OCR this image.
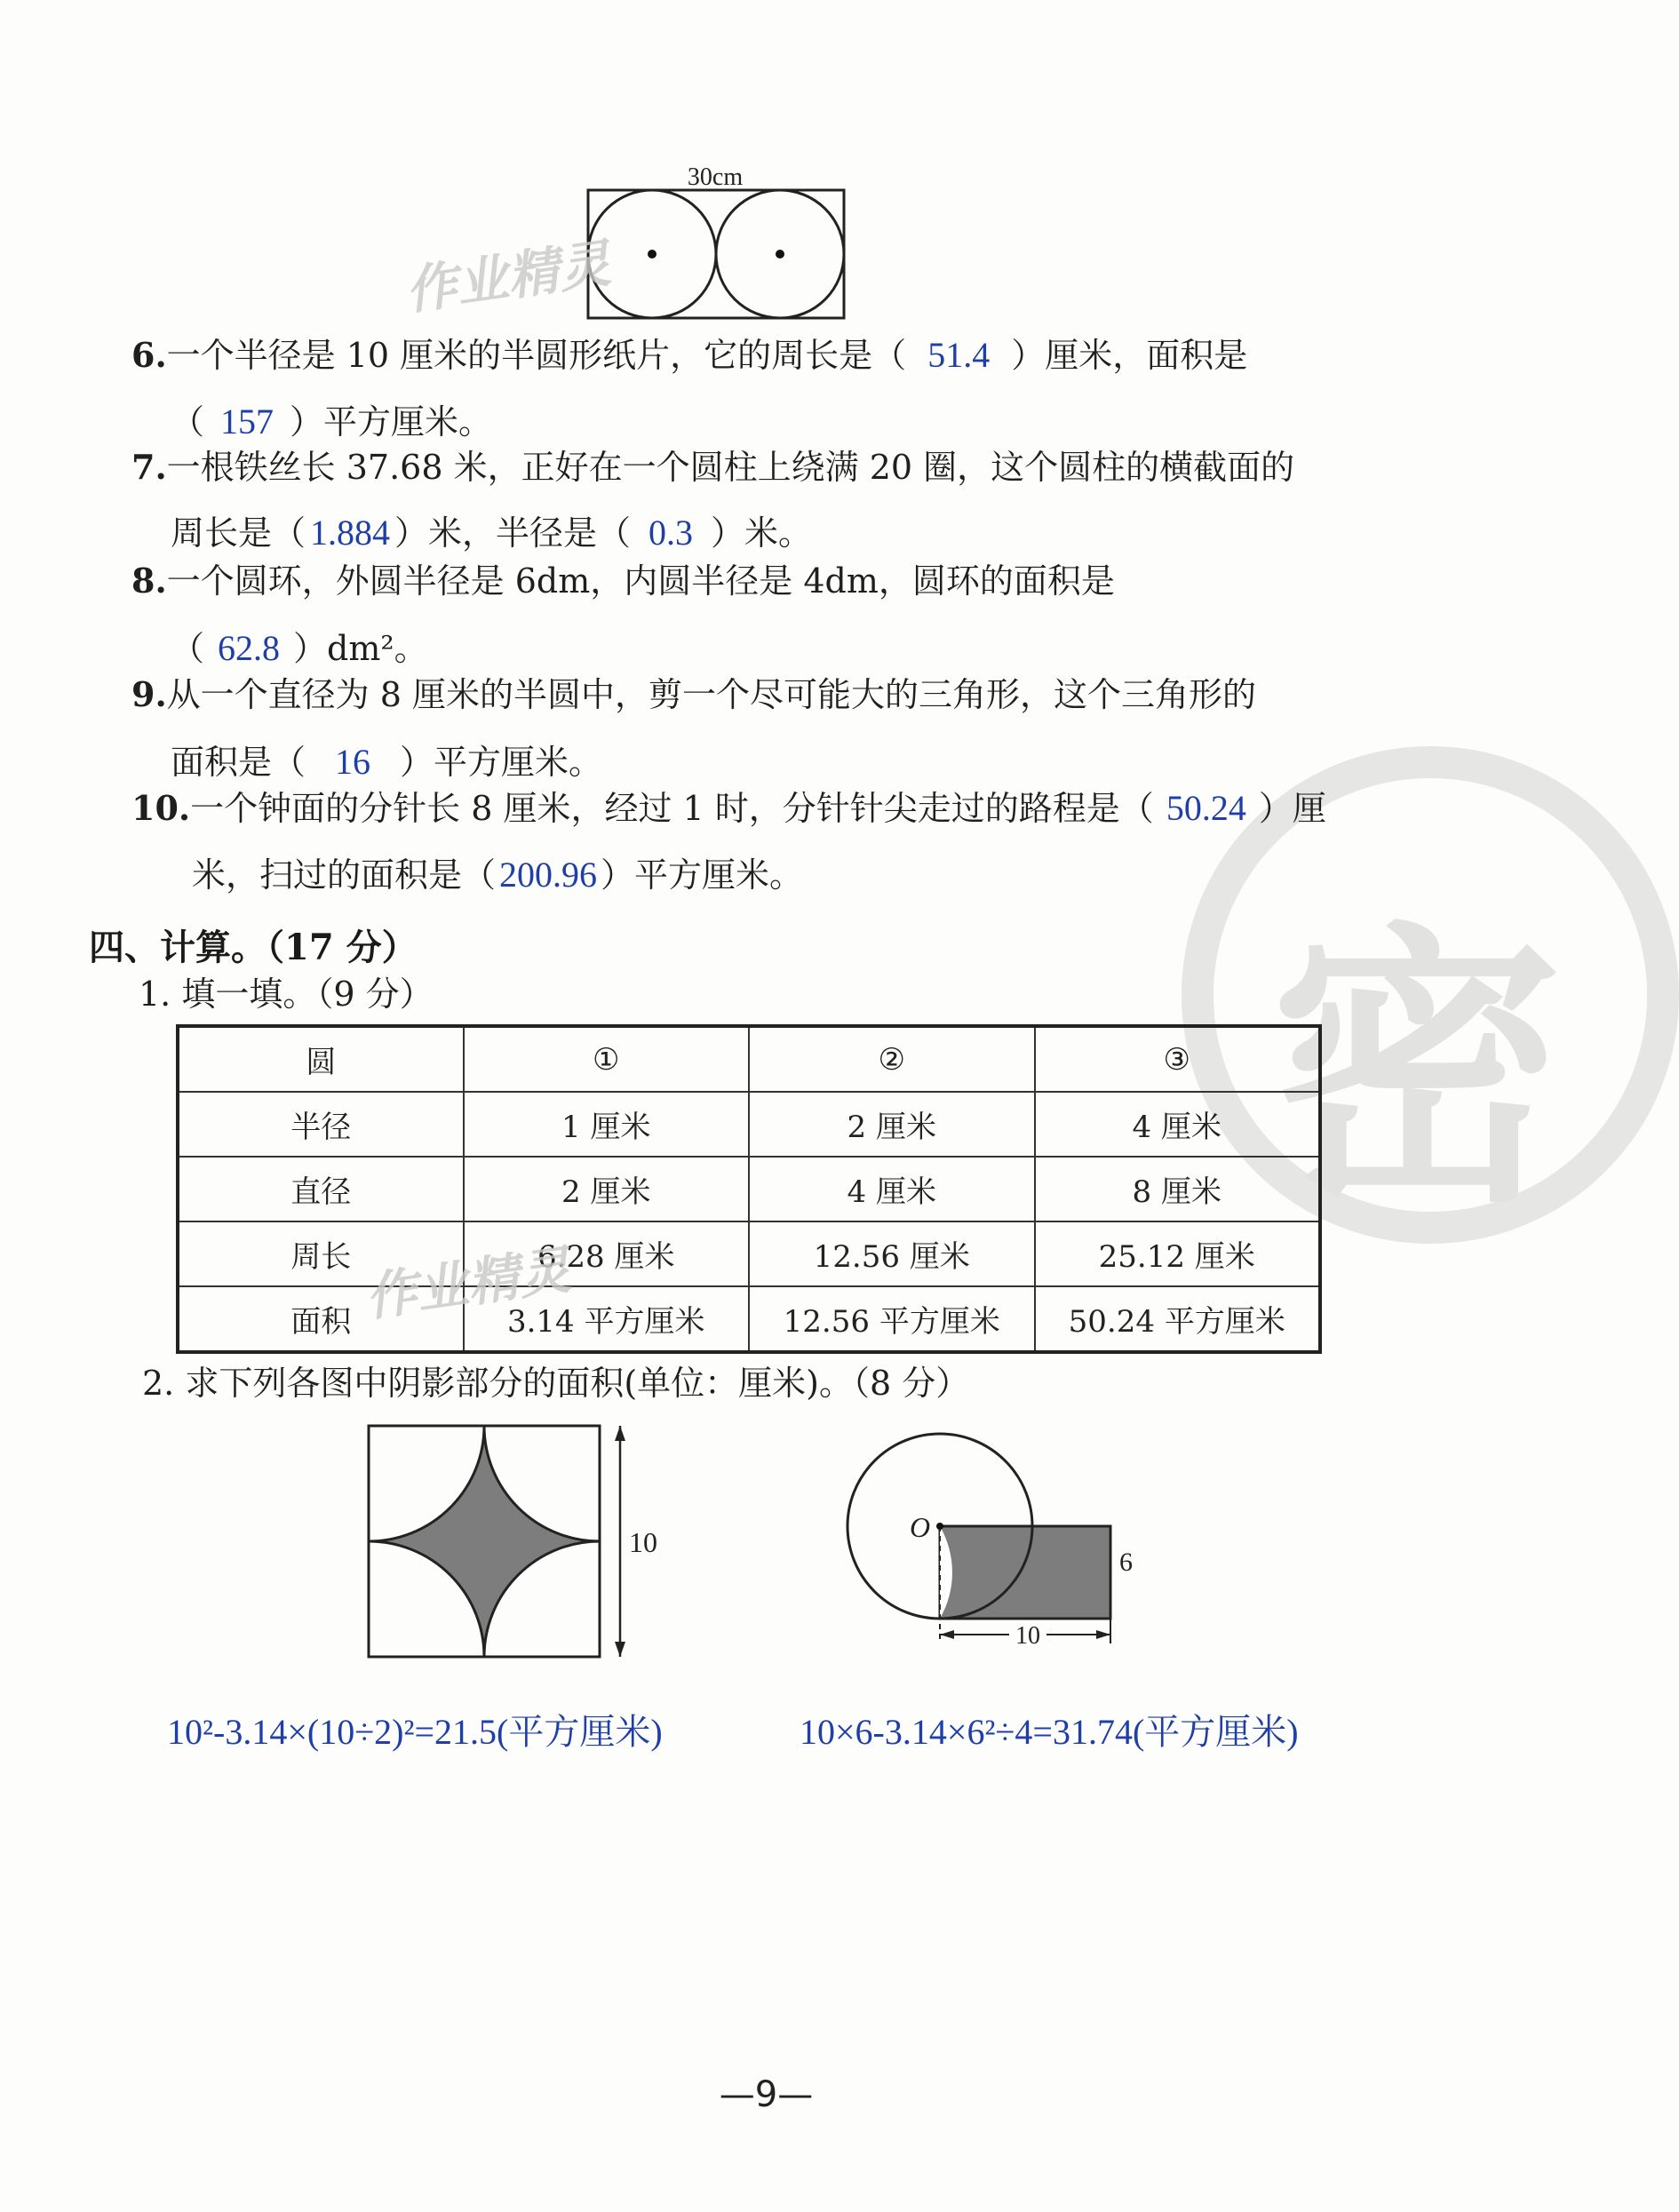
密
30cm
作业精灵
6.一个半径是 10 厘米的半圆形纸片，它的周长是（ 51.4 ）厘米，面积是
（ 157 ）平方厘米。
7.一根铁丝长 37.68 米，正好在一个圆柱上绕满 20 圈，这个圆柱的横截面的
周长是（ 1.884 ）米，半径是（ 0.3 ）米。
8.一个圆环，外圆半径是 6dm，内圆半径是 4dm，圆环的面积是
（ 62.8 ）dm²。
9.从一个直径为 8 厘米的半圆中，剪一个尽可能大的三角形，这个三角形的
面积是（ 16 ）平方厘米。
10.一个钟面的分针长 8 厘米，经过 1 时，分针针尖走过的路程是（ 50.24 ）厘
米，扫过的面积是（ 200.96 ）平方厘米。
四、计算。（17 分）
1. 填一填。（9 分）
圆	①	②	③
半径	1 厘米	2 厘米	4 厘米
直径	2 厘米	4 厘米	8 厘米
周长	6.28 厘米	12.56 厘米	25.12 厘米
面积	3.14 平方厘米	12.56 平方厘米	50.24 平方厘米
作业精灵
2. 求下列各图中阴影部分的面积(单位：厘米)。（8 分）
10
10
6
O
10²-3.14×(10÷2)²=21.5(平方厘米)	10×6-3.14×6²÷4=31.74(平方厘米)
—9—
